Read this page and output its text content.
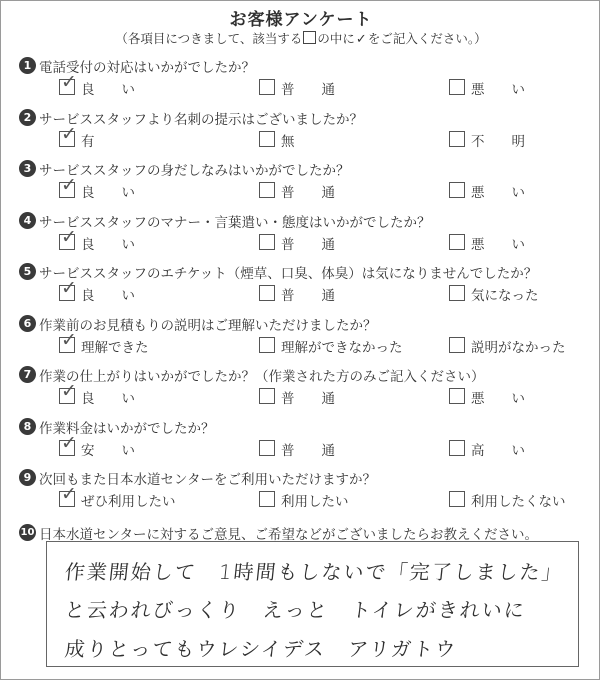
お客様アンケート
（各項目につきまして、該当する の中に✓をご記入ください。）
1 電話受付の対応はいかがでしたか？
✓ 良　　い	普　　通	悪　　い
2 サービススタッフより名刺の提示はございましたか？
✓ 有	無	不　　明
3 サービススタッフの身だしなみはいかがでしたか？
✓ 良　　い	普　　通	悪　　い
4 サービススタッフのマナー・言葉遣い・態度はいかがでしたか？
✓ 良　　い	普　　通	悪　　い
5 サービススタッフのエチケット（煙草、口臭、体臭）は気になりませんでしたか？
✓ 良　　い	普　　通	気になった
6 作業前のお見積もりの説明はご理解いただけましたか？
✓ 理解できた	理解ができなかった	説明がなかった
7 作業の仕上がりはいかがでしたか？（作業された方のみご記入ください）
✓ 良　　い	普　　通	悪　　い
8 作業料金はいかがでしたか？
✓ 安　　い	普　　通	高　　い
9 次回もまた日本水道センターをご利用いただけますか？
✓ ぜひ利用したい	利用したい	利用したくない
10 日本水道センターに対するご意見、ご希望などがございましたらお教えください。
作業開始して　1時間もしないで「完了しました」
と云われびっくり　えっと　トイレがきれいに
成りとってもウレシイデス　アリガトウ
